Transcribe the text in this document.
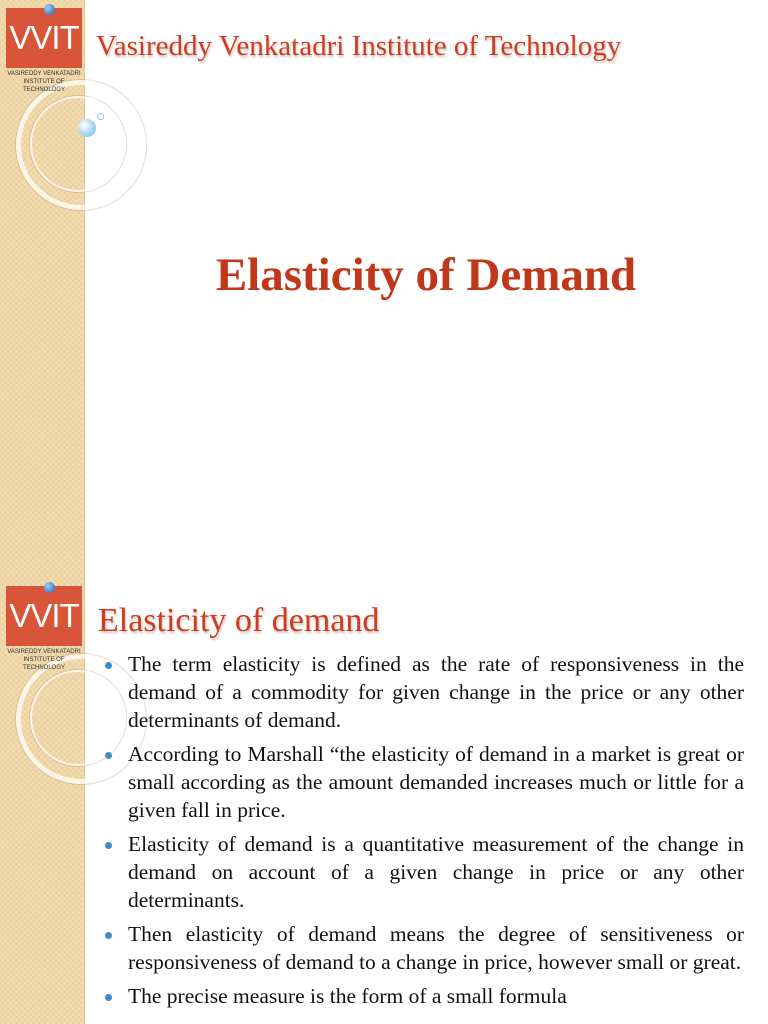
VVIT
VASIREDDY VENKATADRI
INSTITUTE OF TECHNOLOGY
Vasireddy Venkatadri Institute of Technology
Elasticity of Demand
VVIT
VASIREDDY VENKATADRI
INSTITUTE OF TECHNOLOGY
Elasticity of demand
The term elasticity is defined as the rate of responsiveness in the demand of a commodity for given change in the price or any other determinants of demand.
According to Marshall “the elasticity of demand in a market is great or small according as the amount demanded increases much or little for a given fall in price.
Elasticity of demand is a quantitative measurement of the change in demand on account of a given change in price or any other determinants.
Then elasticity of demand means the degree of sensitiveness or responsiveness of demand to a change in price, however small or great.
The precise measure is the form of a small formula
